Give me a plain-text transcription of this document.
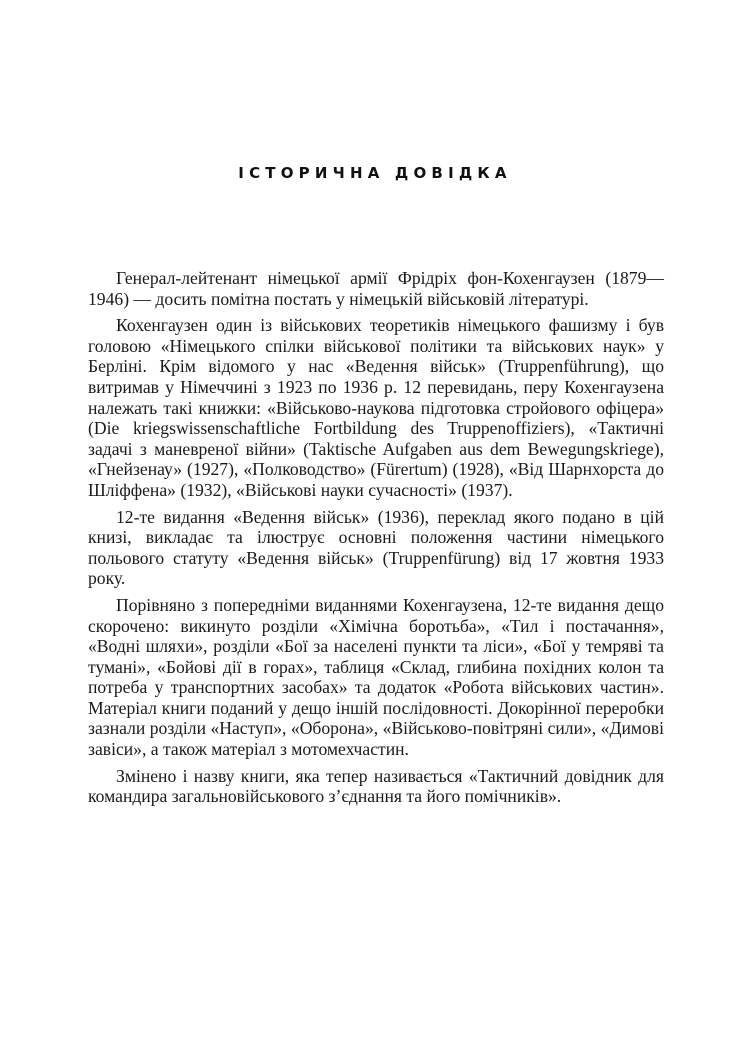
ІСТОРИЧНА ДОВІДКА

Генерал-лейтенант німецької армії Фрідріх фон-Кохенгаузен (1879—1946) — досить помітна постать у німецькій військовій літературі.

Кохенгаузен один із військових теоретиків німецького фашизму і був головою «Німецького спілки військової політики та військових наук» у Берліні. Крім відомого у нас «Ведення військ» (Truppenführung), що витримав у Німеччині з 1923 по 1936 р. 12 перевидань, перу Кохенгаузена належать такі книжки: «Військово-наукова підготовка стройового офіцера» (Die kriegswissenschaftliche Fortbildung des Truppenoffiziers), «Тактичні задачі з маневреної війни» (Taktische Aufgaben aus dem Bewegungskriege), «Гнейзенау» (1927), «Полководство» (Fürertum) (1928), «Від Шарнхорста до Шліффена» (1932), «Військові науки сучасності» (1937).

12-те видання «Ведення військ» (1936), переклад якого подано в цій книзі, викладає та ілюструє основні положення частини німецького польового статуту «Ведення військ» (Truppenfürung) від 17 жовтня 1933 року.

Порівняно з попередніми виданнями Кохенгаузена, 12-те видання дещо скорочено: викинуто розділи «Хімічна боротьба», «Тил і постачання», «Водні шляхи», розділи «Бої за населені пункти та ліси», «Бої у темряві та тумані», «Бойові дії в горах», таблиця «Склад, глибина похідних колон та потреба у транспортних засобах» та додаток «Робота військових частин». Матеріал книги поданий у дещо іншій послідовності. Докорінної переробки зазнали розділи «Наступ», «Оборона», «Військово-повітряні сили», «Димові завіси», а також матеріал з мотомехчастин.

Змінено і назву книги, яка тепер називається «Тактичний довідник для командира загальновійськового з’єднання та його помічників».
